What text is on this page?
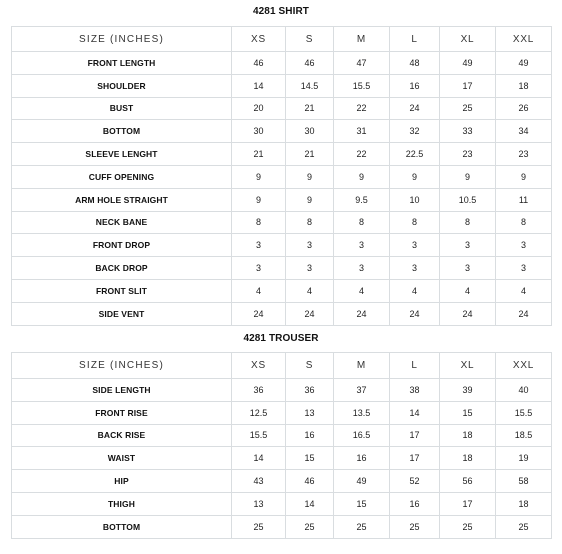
4281 SHIRT
SIZE (INCHES)	XS	S	M	L	XL	XXL
FRONT LENGTH	46	46	47	48	49	49
SHOULDER	14	14.5	15.5	16	17	18
BUST	20	21	22	24	25	26
BOTTOM	30	30	31	32	33	34
SLEEVE LENGHT	21	21	22	22.5	23	23
CUFF OPENING	9	9	9	9	9	9
ARM HOLE STRAIGHT	9	9	9.5	10	10.5	11
NECK BANE	8	8	8	8	8	8
FRONT DROP	3	3	3	3	3	3
BACK DROP	3	3	3	3	3	3
FRONT SLIT	4	4	4	4	4	4
SIDE VENT	24	24	24	24	24	24
4281 TROUSER
SIZE (INCHES)	XS	S	M	L	XL	XXL
SIDE LENGTH	36	36	37	38	39	40
FRONT RISE	12.5	13	13.5	14	15	15.5
BACK RISE	15.5	16	16.5	17	18	18.5
WAIST	14	15	16	17	18	19
HIP	43	46	49	52	56	58
THIGH	13	14	15	16	17	18
BOTTOM	25	25	25	25	25	25
